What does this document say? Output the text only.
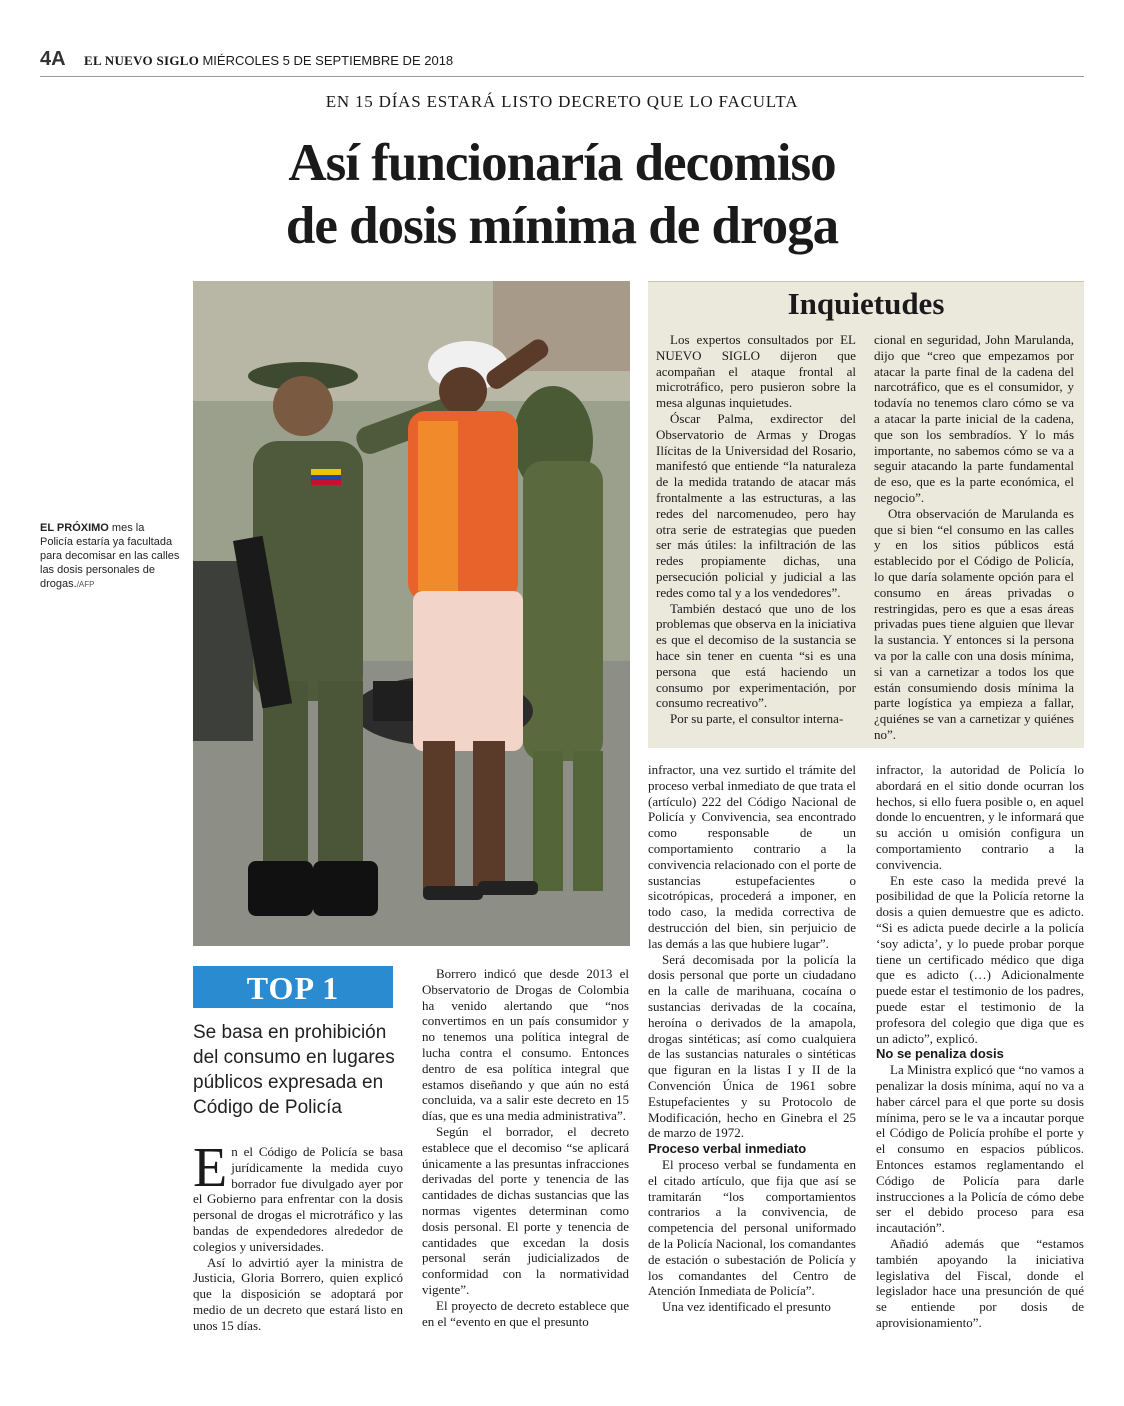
4A EL NUEVO SIGLO MIÉRCOLES 5 DE SEPTIEMBRE DE 2018
EN 15 DÍAS ESTARÁ LISTO DECRETO QUE LO FACULTA
Así funcionaría decomiso
de dosis mínima de droga
EL PRÓXIMO mes la Policía estaría ya facultada para decomisar en las calles las dosis personales de drogas./AFP
Inquietudes

Los expertos consultados por EL NUEVO SIGLO dijeron que acompañan el ataque frontal al microtráfico, pero pusieron sobre la mesa algunas inquietudes.

Óscar Palma, exdirector del Observatorio de Armas y Drogas Ilícitas de la Universidad del Rosario, manifestó que entiende “la naturaleza de la medida tratando de atacar más frontalmente a las estructuras, a las redes del narcomenudeo, pero hay otra serie de estrategias que pueden ser más útiles: la infiltración de las redes propiamente dichas, una persecución policial y judicial a las redes como tal y a los vendedores”.

También destacó que uno de los problemas que observa en la iniciativa es que el decomiso de la sustancia se hace sin tener en cuenta “si es una persona que está haciendo un consumo por experimentación, por consumo recreativo”.

Por su parte, el consultor interna-

cional en seguridad, John Marulanda, dijo que “creo que empezamos por atacar la parte final de la cadena del narcotráfico, que es el consumidor, y todavía no tenemos claro cómo se va a atacar la parte inicial de la cadena, que son los sembradíos. Y lo más importante, no sabemos cómo se va a seguir atacando la parte fundamental de eso, que es la parte económica, el negocio”.

Otra observación de Marulanda es que si bien “el consumo en las calles y en los sitios públicos está establecido por el Código de Policía, lo que daría solamente opción para el consumo en áreas privadas o restringidas, pero es que a esas áreas privadas pues tiene alguien que llevar la sustancia. Y entonces si la persona va por la calle con una dosis mínima, si van a carnetizar a todos los que están consumiendo dosis mínima la parte logística ya empieza a fallar, ¿quiénes se van a carnetizar y quiénes no”.

TOP 1
Se basa en prohibición del consumo en lugares públicos expresada en Código de Policía

En el Código de Policía se basa jurídicamente la medida cuyo borrador fue divulgado ayer por el Gobierno para enfrentar con la dosis personal de drogas el microtráfico y las bandas de expendedores alrededor de colegios y universidades.

Así lo advirtió ayer la ministra de Justicia, Gloria Borrero, quien explicó que la disposición se adoptará por medio de un decreto que estará listo en unos 15 días.

Borrero indicó que desde 2013 el Observatorio de Drogas de Colombia ha venido alertando que “nos convertimos en un país consumidor y no tenemos una política integral de lucha contra el consumo. Entonces dentro de esa política integral que estamos diseñando y que aún no está concluida, va a salir este decreto en 15 días, que es una media administrativa”.

Según el borrador, el decreto establece que el decomiso “se aplicará únicamente a las presuntas infracciones derivadas del porte y tenencia de las cantidades de dichas sustancias que las normas vigentes determinan como dosis personal. El porte y tenencia de cantidades que excedan la dosis personal serán judicializados de conformidad con la normatividad vigente”.

El proyecto de decreto establece que en el “evento en que el presunto

infractor, una vez surtido el trámite del proceso verbal inmediato de que trata el (artículo) 222 del Código Nacional de Policía y Convivencia, sea encontrado como responsable de un comportamiento contrario a la convivencia relacionado con el porte de sustancias estupefacientes o sicotrópicas, procederá a imponer, en todo caso, la medida correctiva de destrucción del bien, sin perjuicio de las demás a las que hubiere lugar”.

Será decomisada por la policía la dosis personal que porte un ciudadano en la calle de marihuana, cocaína o sustancias derivadas de la cocaína, heroína o derivados de la amapola, drogas sintéticas; así como cualquiera de las sustancias naturales o sintéticas que figuran en la listas I y II de la Convención Única de 1961 sobre Estupefacientes y su Protocolo de Modificación, hecho en Ginebra el 25 de marzo de 1972.

Proceso verbal inmediato

El proceso verbal se fundamenta en el citado artículo, que fija que así se tramitarán “los comportamientos contrarios a la convivencia, de competencia del personal uniformado de la Policía Nacional, los comandantes de estación o subestación de Policía y los comandantes del Centro de Atención Inmediata de Policía”.

Una vez identificado el presunto

infractor, la autoridad de Policía lo abordará en el sitio donde ocurran los hechos, si ello fuera posible o, en aquel donde lo encuentren, y le informará que su acción u omisión configura un comportamiento contrario a la convivencia.

En este caso la medida prevé la posibilidad de que la Policía retorne la dosis a quien demuestre que es adicto. “Si es adicta puede decirle a la policía ‘soy adicta’, y lo puede probar porque tiene un certificado médico que diga que es adicto (…) Adicionalmente puede estar el testimonio de los padres, puede estar el testimonio de la profesora del colegio que diga que es un adicto”, explicó.

No se penaliza dosis

La Ministra explicó que “no vamos a penalizar la dosis mínima, aquí no va a haber cárcel para el que porte su dosis mínima, pero se le va a incautar porque el Código de Policía prohíbe el porte y el consumo en espacios públicos. Entonces estamos reglamentando el Código de Policía para darle instrucciones a la Policía de cómo debe ser el debido proceso para esa incautación”.

Añadió además que “estamos también apoyando la iniciativa legislativa del Fiscal, donde el legislador hace una presunción de qué se entiende por dosis de aprovisionamiento”.
